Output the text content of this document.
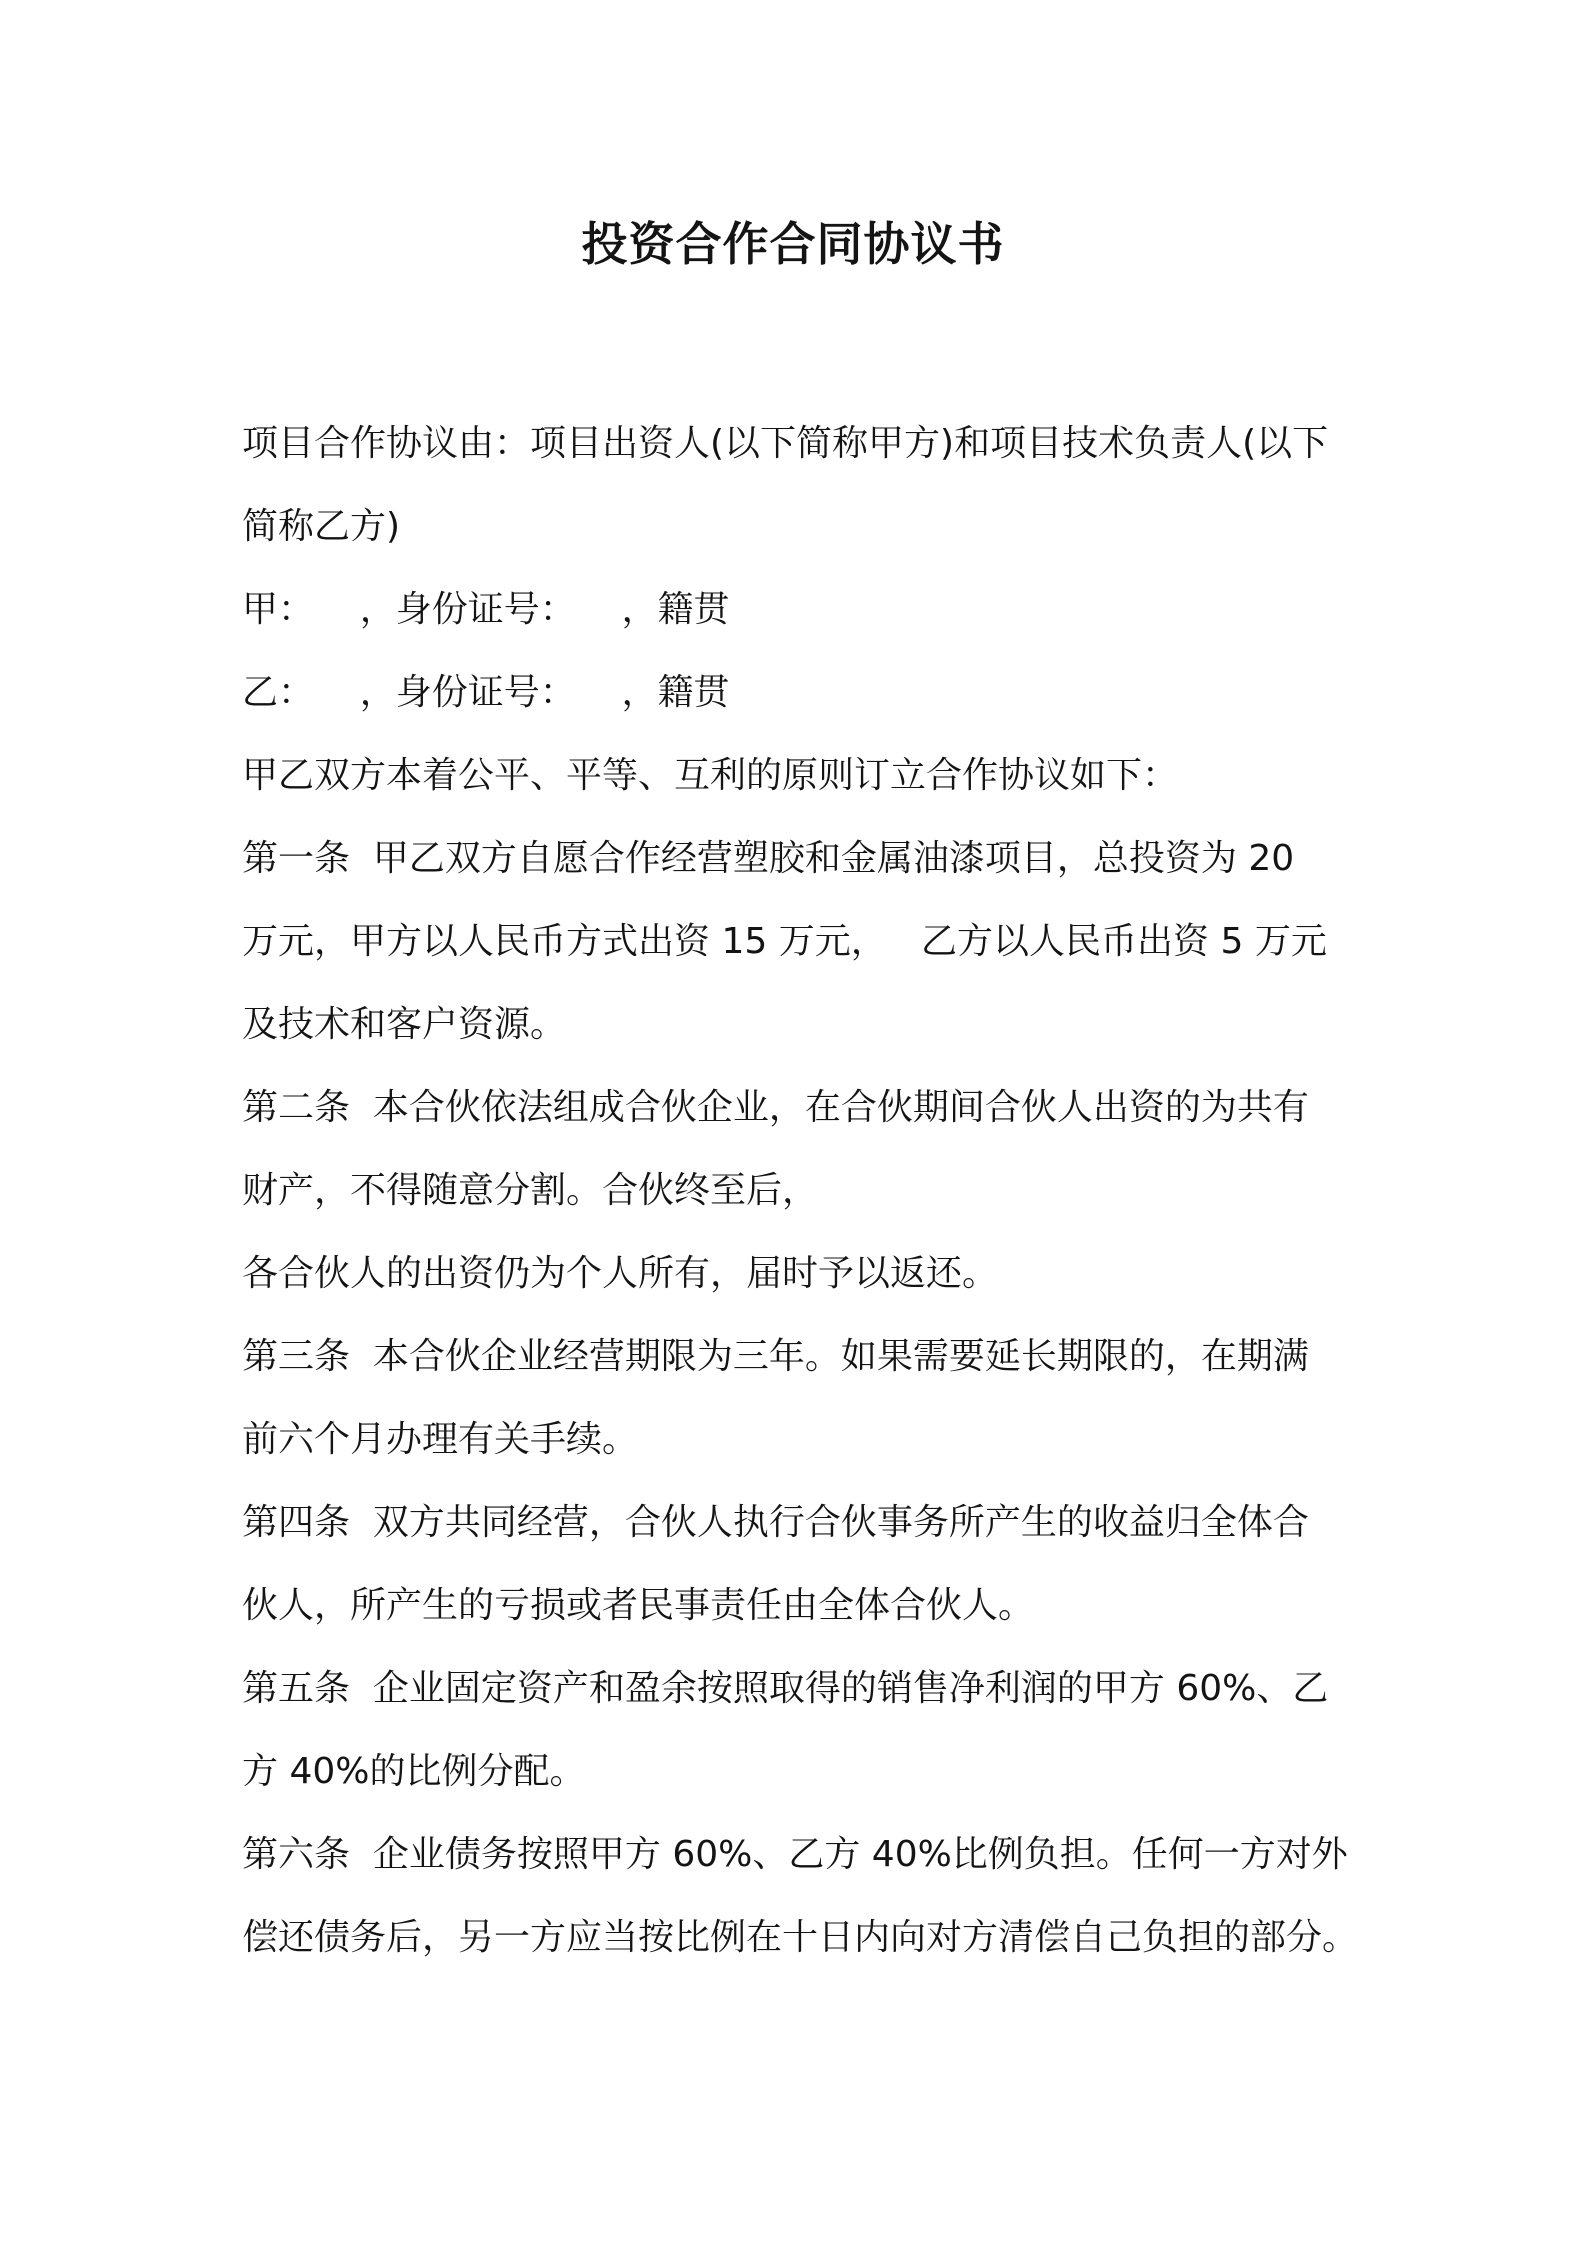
投资合作合同协议书
项目合作协议由：项目出资人(以下简称甲方)和项目技术负责人(以下
简称乙方)
甲：    ，身份证号：    ，籍贯
乙：    ，身份证号：    ，籍贯
甲乙双方本着公平、平等、互利的原则订立合作协议如下：
第一条  甲乙双方自愿合作经营塑胶和金属油漆项目，总投资为 20
万元，甲方以人民币方式出资 15 万元，   乙方以人民币出资 5 万元
及技术和客户资源。
第二条  本合伙依法组成合伙企业，在合伙期间合伙人出资的为共有
财产，不得随意分割。合伙终至后，
各合伙人的出资仍为个人所有，届时予以返还。
第三条  本合伙企业经营期限为三年。如果需要延长期限的，在期满
前六个月办理有关手续。
第四条  双方共同经营，合伙人执行合伙事务所产生的收益归全体合
伙人，所产生的亏损或者民事责任由全体合伙人。
第五条  企业固定资产和盈余按照取得的销售净利润的甲方 60%、乙
方 40%的比例分配。
第六条  企业债务按照甲方 60%、乙方 40%比例负担。任何一方对外
偿还债务后，另一方应当按比例在十日内向对方清偿自己负担的部分。
